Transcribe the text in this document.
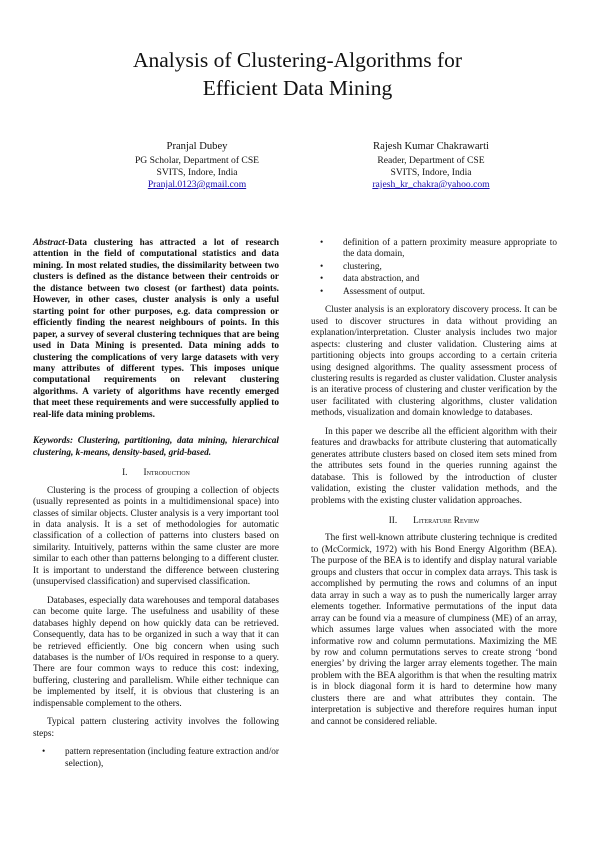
Analysis of Clustering-Algorithms for
Efficient Data Mining
Pranjal Dubey
PG Scholar, Department of CSE
SVITS, Indore, India
Pranjal.0123@gmail.com
Rajesh Kumar Chakrawarti
Reader, Department of CSE
SVITS, Indore, India
rajesh_kr_chakra@yahoo.com

Abstract-Data clustering has attracted a lot of research attention in the field of computational statistics and data mining. In most related studies, the dissimilarity between two clusters is defined as the distance between their centroids or the distance between two closest (or farthest) data points. However, in other cases, cluster analysis is only a useful starting point for other purposes, e.g. data compression or efficiently finding the nearest neighbours of points. In this paper, a survey of several clustering techniques that are being used in Data Mining is presented. Data mining adds to clustering the complications of very large datasets with very many attributes of different types. This imposes unique computational requirements on relevant clustering algorithms. A variety of algorithms have recently emerged that meet these requirements and were successfully applied to real-life data mining problems.

Keywords: Clustering, partitioning, data mining, hierarchical clustering, k-means, density-based, grid-based.

I. Introduction

Clustering is the process of grouping a collection of objects (usually represented as points in a multidimensional space) into classes of similar objects. Cluster analysis is a very important tool in data analysis. It is a set of methodologies for automatic classification of a collection of patterns into clusters based on similarity. Intuitively, patterns within the same cluster are more similar to each other than patterns belonging to a different cluster. It is important to understand the difference between clustering (unsupervised classification) and supervised classification.

Databases, especially data warehouses and temporal databases can become quite large. The usefulness and usability of these databases highly depend on how quickly data can be retrieved. Consequently, data has to be organized in such a way that it can be retrieved efficiently. One big concern when using such databases is the number of I/Os required in response to a query. There are four common ways to reduce this cost: indexing, buffering, clustering and parallelism. While either technique can be implemented by itself, it is obvious that clustering is an indispensable complement to the others.

Typical pattern clustering activity involves the following steps:

• pattern representation (including feature extraction and/or selection),
• definition of a pattern proximity measure appropriate to the data domain,
• clustering,
• data abstraction, and
• Assessment of output.

Cluster analysis is an exploratory discovery process. It can be used to discover structures in data without providing an explanation/interpretation. Cluster analysis includes two major aspects: clustering and cluster validation. Clustering aims at partitioning objects into groups according to a certain criteria using designed algorithms. The quality assessment process of clustering results is regarded as cluster validation. Cluster analysis is an iterative process of clustering and cluster verification by the user facilitated with clustering algorithms, cluster validation methods, visualization and domain knowledge to databases.

In this paper we describe all the efficient algorithm with their features and drawbacks for attribute clustering that automatically generates attribute clusters based on closed item sets mined from the attributes sets found in the queries running against the database. This is followed by the introduction of cluster validation, existing the cluster validation methods, and the problems with the existing cluster validation approaches.

II. Literature Review

The first well-known attribute clustering technique is credited to (McCormick, 1972) with his Bond Energy Algorithm (BEA). The purpose of the BEA is to identify and display natural variable groups and clusters that occur in complex data arrays. This task is accomplished by permuting the rows and columns of an input data array in such a way as to push the numerically larger array elements together. Informative permutations of the input data array can be found via a measure of clumpiness (ME) of an array, which assumes large values when associated with the more informative row and column permutations. Maximizing the ME by row and column permutations serves to create strong ‘bond energies’ by driving the larger array elements together. The main problem with the BEA algorithm is that when the resulting matrix is in block diagonal form it is hard to determine how many clusters there are and what attributes they contain. The interpretation is subjective and therefore requires human input and cannot be considered reliable.
